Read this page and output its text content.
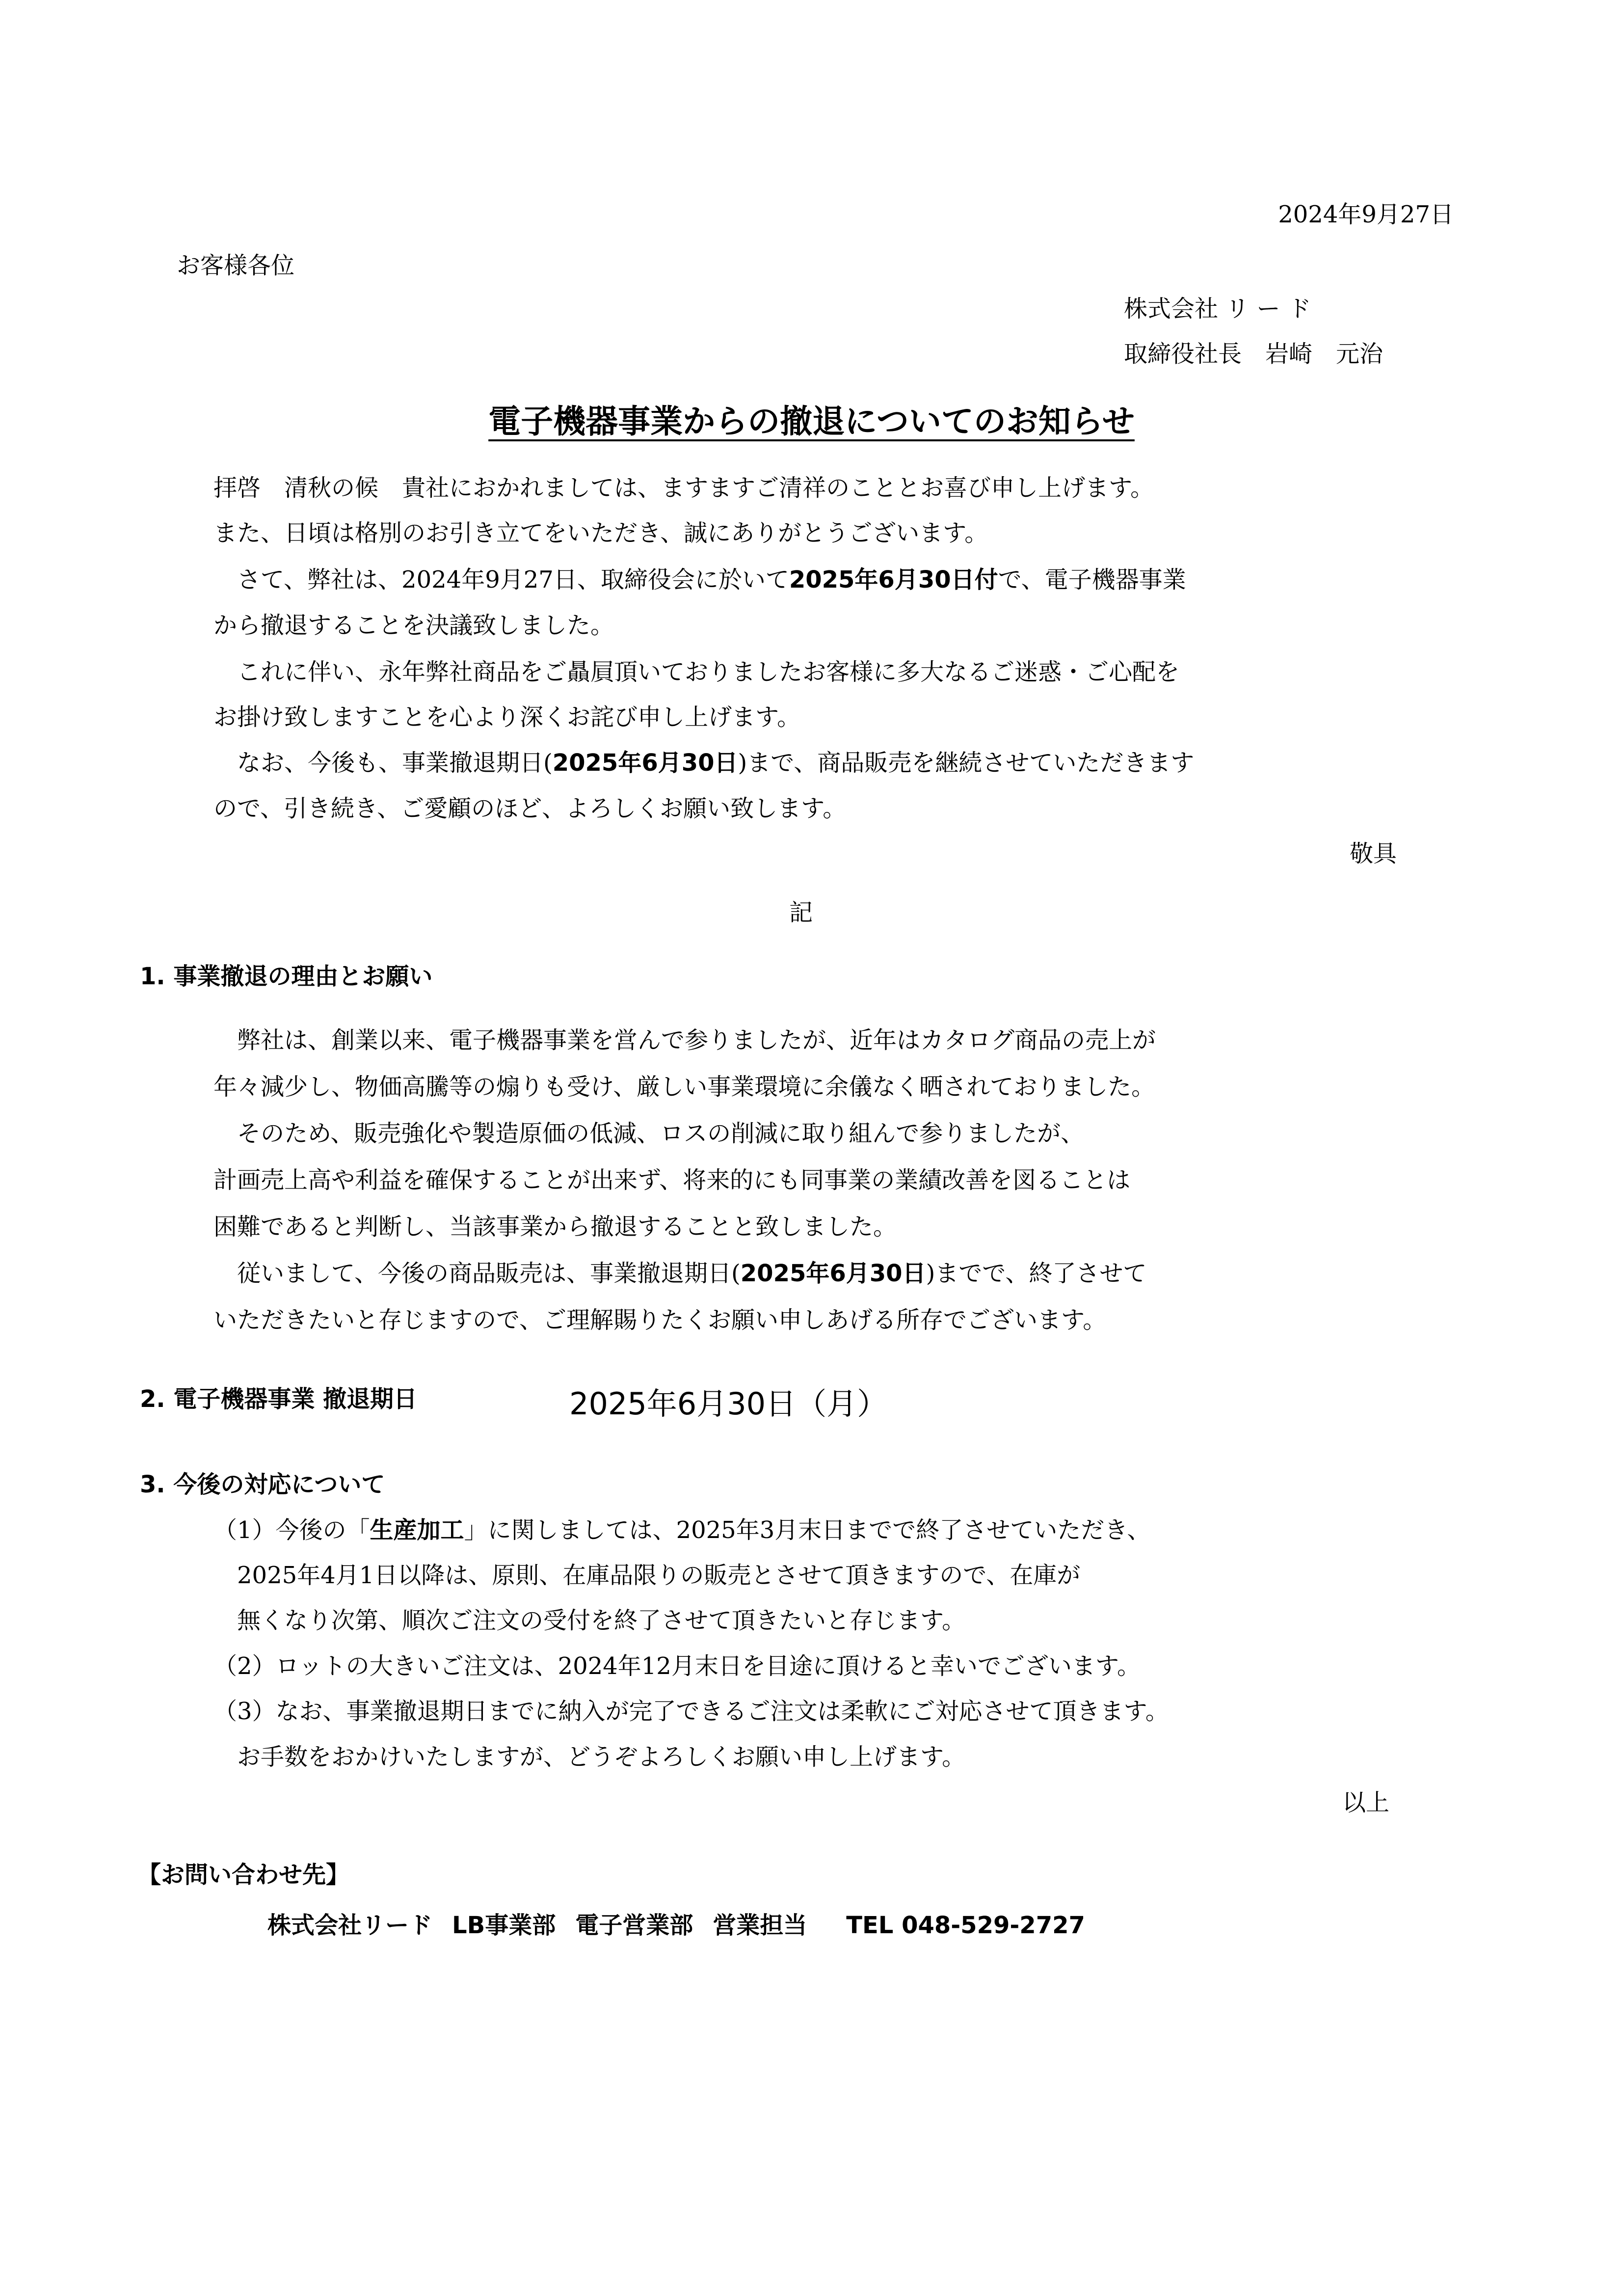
2024年9月27日

お客様各位

株式会社 リ ー ド

取締役社長　岩崎　元治

電子機器事業からの撤退についてのお知らせ

拝啓　清秋の候　貴社におかれましては、ますますご清祥のこととお喜び申し上げます。

また、日頃は格別のお引き立てをいただき、誠にありがとうございます。

さて、弊社は、2024年9月27日、取締役会に於いて2025年6月30日付で、電子機器事業

から撤退することを決議致しました。

これに伴い、永年弊社商品をご贔屓頂いておりましたお客様に多大なるご迷惑・ご心配を

お掛け致しますことを心より深くお詫び申し上げます。

なお、今後も、事業撤退期日(2025年6月30日)まで、商品販売を継続させていただきます

ので、引き続き、ご愛顧のほど、よろしくお願い致します。

敬具

記

1. 事業撤退の理由とお願い

弊社は、創業以来、電子機器事業を営んで参りましたが、近年はカタログ商品の売上が

年々減少し、物価高騰等の煽りも受け、厳しい事業環境に余儀なく晒されておりました。

そのため、販売強化や製造原価の低減、ロスの削減に取り組んで参りましたが、

計画売上高や利益を確保することが出来ず、将来的にも同事業の業績改善を図ることは

困難であると判断し、当該事業から撤退することと致しました。

従いまして、今後の商品販売は、事業撤退期日(2025年6月30日)までで、終了させて

いただきたいと存じますので、ご理解賜りたくお願い申しあげる所存でございます。

2. 電子機器事業 撤退期日	2025年6月30日（月）

3. 今後の対応について

（1）今後の「生産加工」に関しましては、2025年3月末日までで終了させていただき、

2025年4月1日以降は、原則、在庫品限りの販売とさせて頂きますので、在庫が

無くなり次第、順次ご注文の受付を終了させて頂きたいと存じます。

（2）ロットの大きいご注文は、2024年12月末日を目途に頂けると幸いでございます。

（3）なお、事業撤退期日までに納入が完了できるご注文は柔軟にご対応させて頂きます。

お手数をおかけいたしますが、どうぞよろしくお願い申し上げます。

以上

【お問い合わせ先】

株式会社リード LB事業部 電子営業部 営業担当 TEL 048-529-2727
